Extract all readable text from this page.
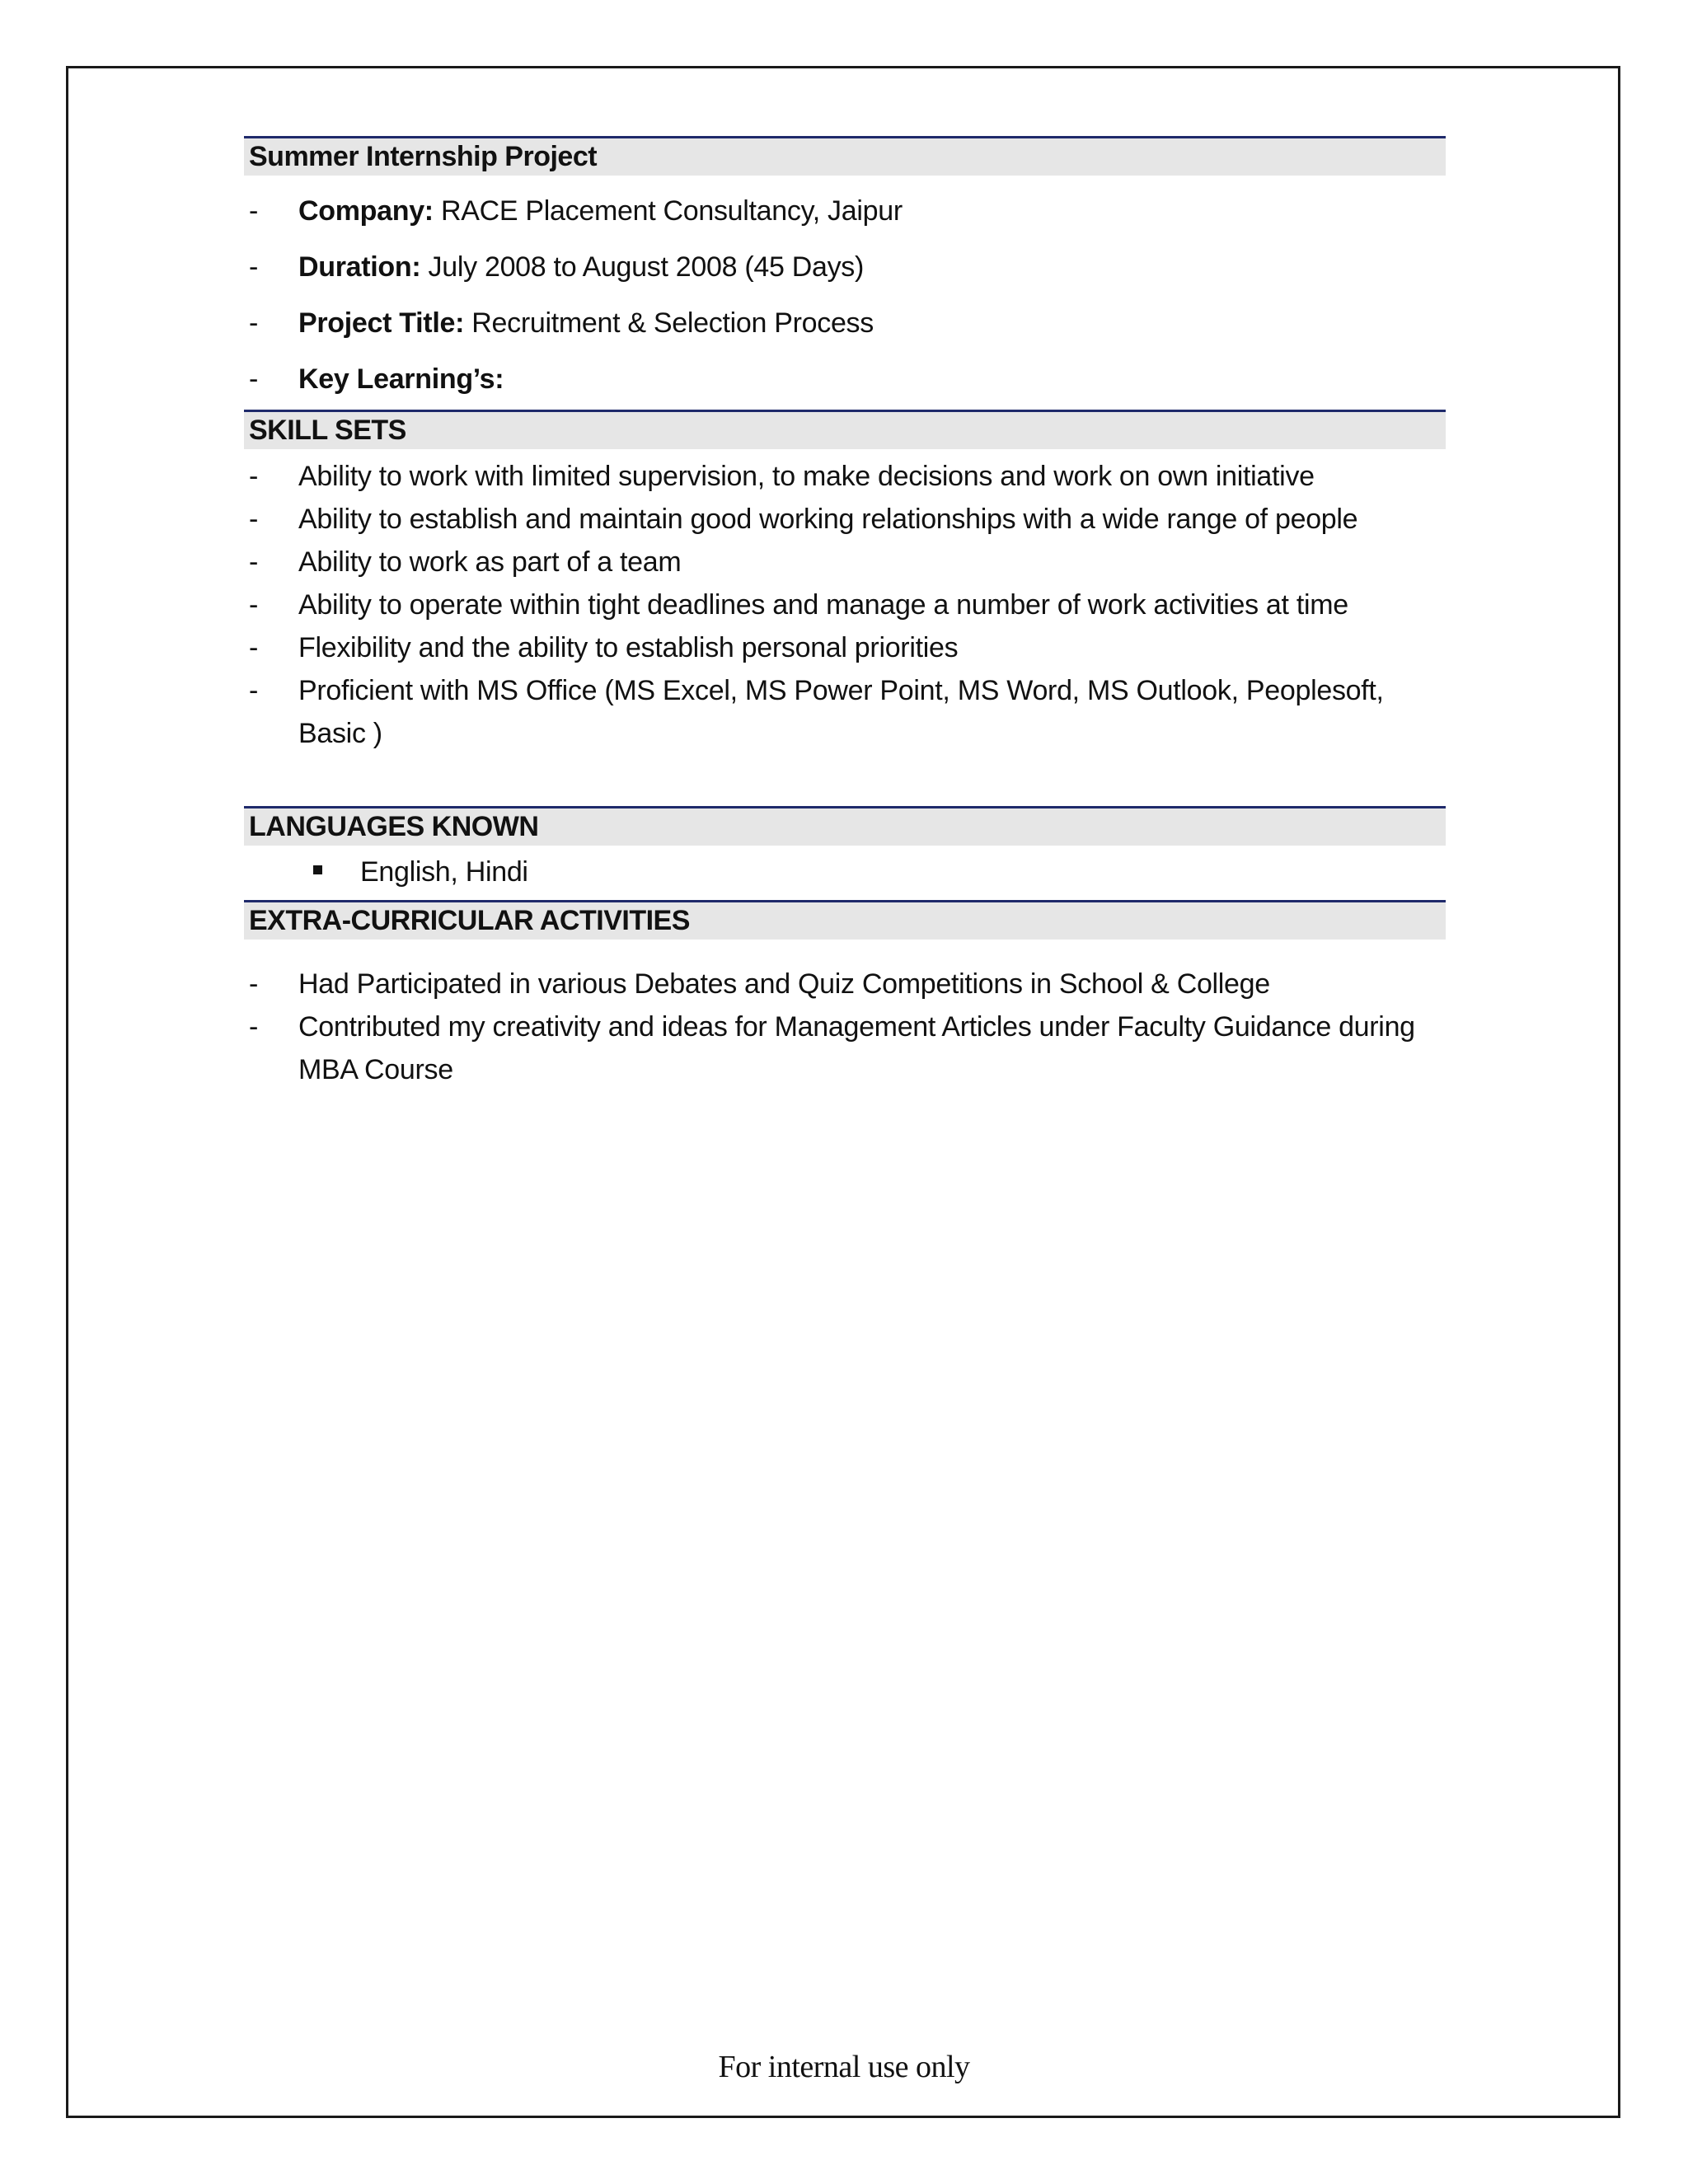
Summer Internship Project
- Company: RACE Placement Consultancy, Jaipur
- Duration: July 2008 to August 2008 (45 Days)
- Project Title: Recruitment & Selection Process
- Key Learning’s:
SKILL SETS
- Ability to work with limited supervision, to make decisions and work on own initiative
- Ability to establish and maintain good working relationships with a wide range of people
- Ability to work as part of a team
- Ability to operate within tight deadlines and manage a number of work activities at time
- Flexibility and the ability to establish personal priorities
- Proficient with MS Office (MS Excel, MS Power Point, MS Word, MS Outlook, Peoplesoft, Basic )
LANGUAGES KNOWN
English, Hindi
EXTRA-CURRICULAR ACTIVITIES
- Had Participated in various Debates and Quiz Competitions in School & College
- Contributed my creativity and ideas for Management Articles under Faculty Guidance during MBA Course
For internal use only
